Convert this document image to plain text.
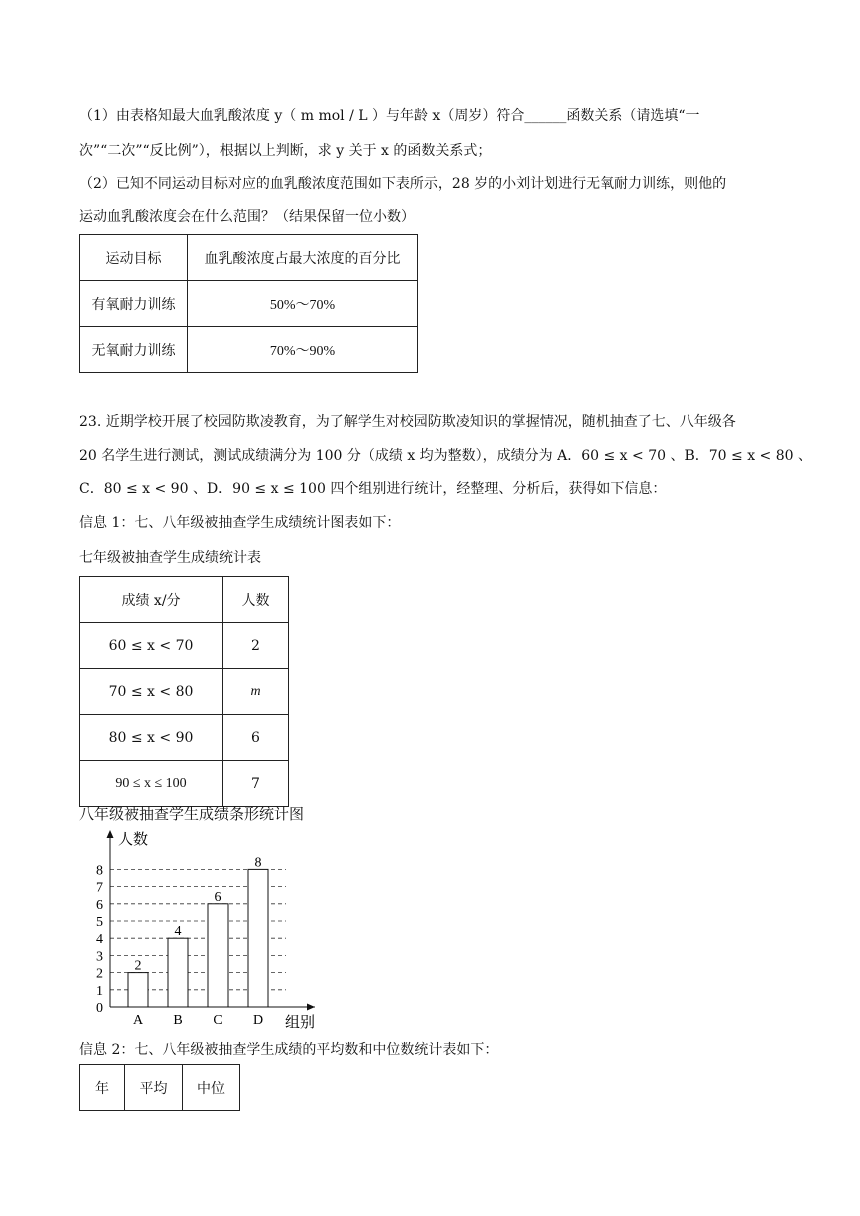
（1）由表格知最大血乳酸浓度 y（ m mol / L ）与年龄 x（周岁）符合______函数关系（请选填“一
次”“二次”“反比例”），根据以上判断，求 y 关于 x 的函数关系式；
（2）已知不同运动目标对应的血乳酸浓度范围如下表所示，28 岁的小刘计划进行无氧耐力训练，则他的
运动血乳酸浓度会在什么范围？（结果保留一位小数）
运动目标	血乳酸浓度占最大浓度的百分比
有氧耐力训练	50%～70%
无氧耐力训练	70%～90%
23. 近期学校开展了校园防欺凌教育，为了解学生对校园防欺凌知识的掌握情况，随机抽查了七、八年级各
20 名学生进行测试，测试成绩满分为 100 分（成绩 x 均为整数），成绩分为 A．60 ≤ x < 70 、B．70 ≤ x < 80 、
C．80 ≤ x < 90 、D．90 ≤ x ≤ 100 四个组别进行统计，经整理、分析后，获得如下信息：
信息 1：七、八年级被抽查学生成绩统计图表如下：
七年级被抽查学生成绩统计表
成绩 x/分	人数
60 ≤ x < 70	2
70 ≤ x < 80	m
80 ≤ x < 90	6
90 ≤ x ≤ 100	7
八年级被抽查学生成绩条形统计图
0
1
2
3
4
5
6
7
8
人数
组别
2
A
4
B
6
C
8
D
信息 2：七、八年级被抽查学生成绩的平均数和中位数统计表如下：
年	平均	中位
